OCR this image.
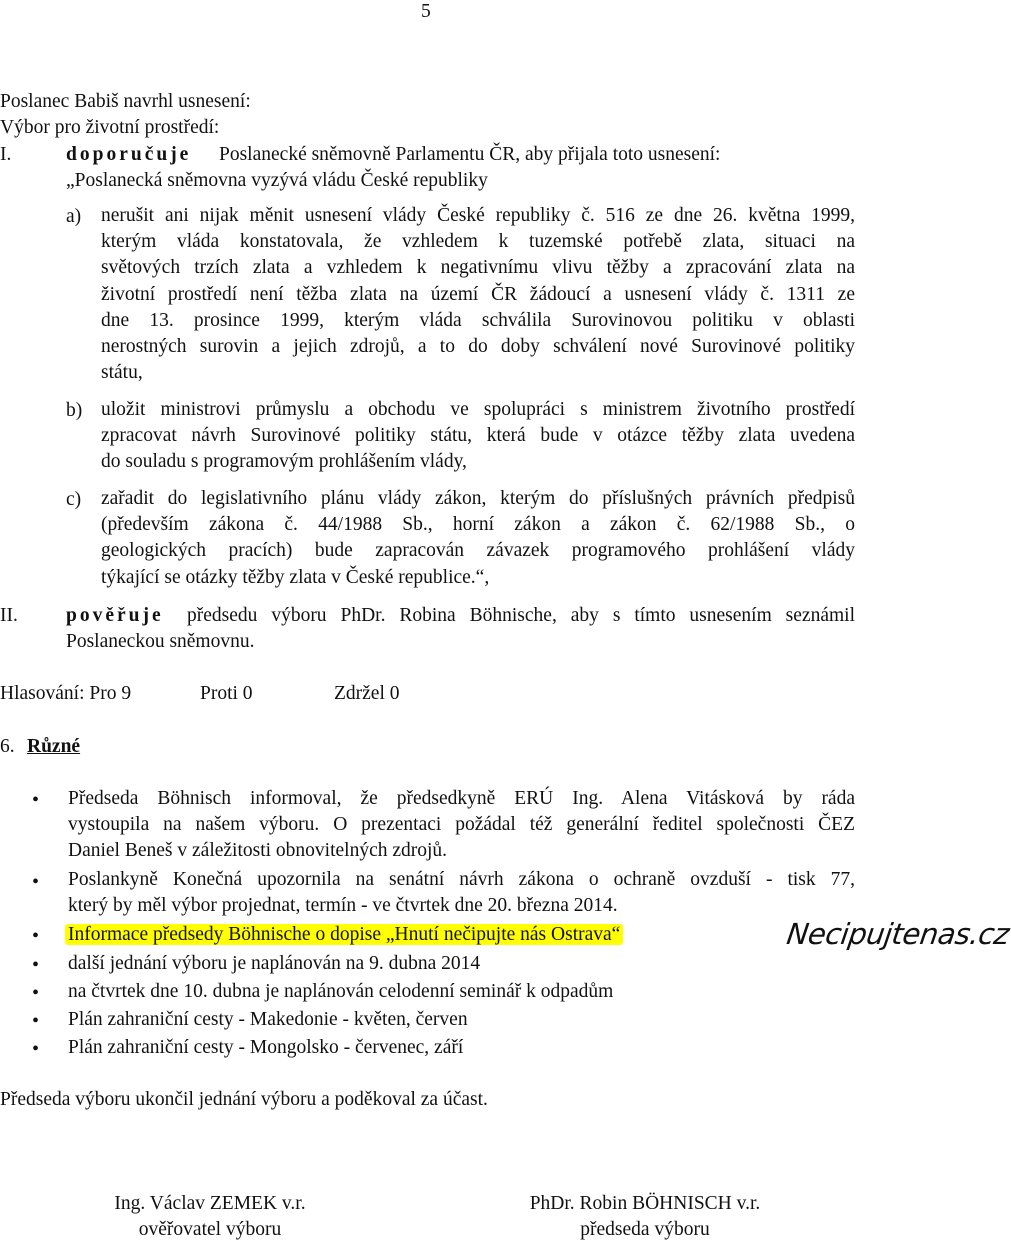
5
Poslanec Babiš navrhl usnesení:
Výbor pro životní prostředí:
I.	doporučuje Poslanecké sněmovně Parlamentu ČR, aby přijala toto usnesení:
„Poslanecká sněmovna vyzývá vládu České republiky
a) nerušit ani nijak měnit usnesení vlády České republiky č. 516 ze dne 26. května 1999,
kterým vláda konstatovala, že vzhledem k tuzemské potřebě zlata, situaci na
světových trzích zlata a vzhledem k negativnímu vlivu těžby a zpracování zlata na
životní prostředí není těžba zlata na území ČR žádoucí a usnesení vlády č. 1311 ze
dne 13. prosince 1999, kterým vláda schválila Surovinovou politiku v oblasti
nerostných surovin a jejich zdrojů, a to do doby schválení nové Surovinové politiky
státu,
b) uložit ministrovi průmyslu a obchodu ve spolupráci s ministrem životního prostředí
zpracovat návrh Surovinové politiky státu, která bude v otázce těžby zlata uvedena
do souladu s programovým prohlášením vlády,
c) zařadit do legislativního plánu vlády zákon, kterým do příslušných právních předpisů
(především zákona č. 44/1988 Sb., horní zákon a zákon č. 62/1988 Sb., o
geologických pracích) bude zapracován závazek programového prohlášení vlády
týkající se otázky těžby zlata v České republice.“,
II. pověřuje předsedu výboru PhDr. Robina Böhnische, aby s tímto usnesením seznámil
Poslaneckou sněmovnu.
Hlasování: Pro 9	Proti 0	Zdržel 0
6. Různé
• Předseda Böhnisch informoval, že předsedkyně ERÚ Ing. Alena Vitásková by ráda
vystoupila na našem výboru. O prezentaci požádal též generální ředitel společnosti ČEZ
Daniel Beneš v záležitosti obnovitelných zdrojů.
• Poslankyně Konečná upozornila na senátní návrh zákona o ochraně ovzduší - tisk 77,
který by měl výbor projednat, termín - ve čtvrtek dne 20. března 2014.
• Informace předsedy Böhnische o dopise „Hnutí nečipujte nás Ostrava“	Necipujtenas.cz
• další jednání výboru je naplánován na 9. dubna 2014
• na čtvrtek dne 10. dubna je naplánován celodenní seminář k odpadům
• Plán zahraniční cesty - Makedonie - květen, červen
• Plán zahraniční cesty - Mongolsko - červenec, září
Předseda výboru ukončil jednání výboru a poděkoval za účast.
Ing. Václav ZEMEK v.r.
ověřovatel výboru
PhDr. Robin BÖHNISCH v.r.
předseda výboru
